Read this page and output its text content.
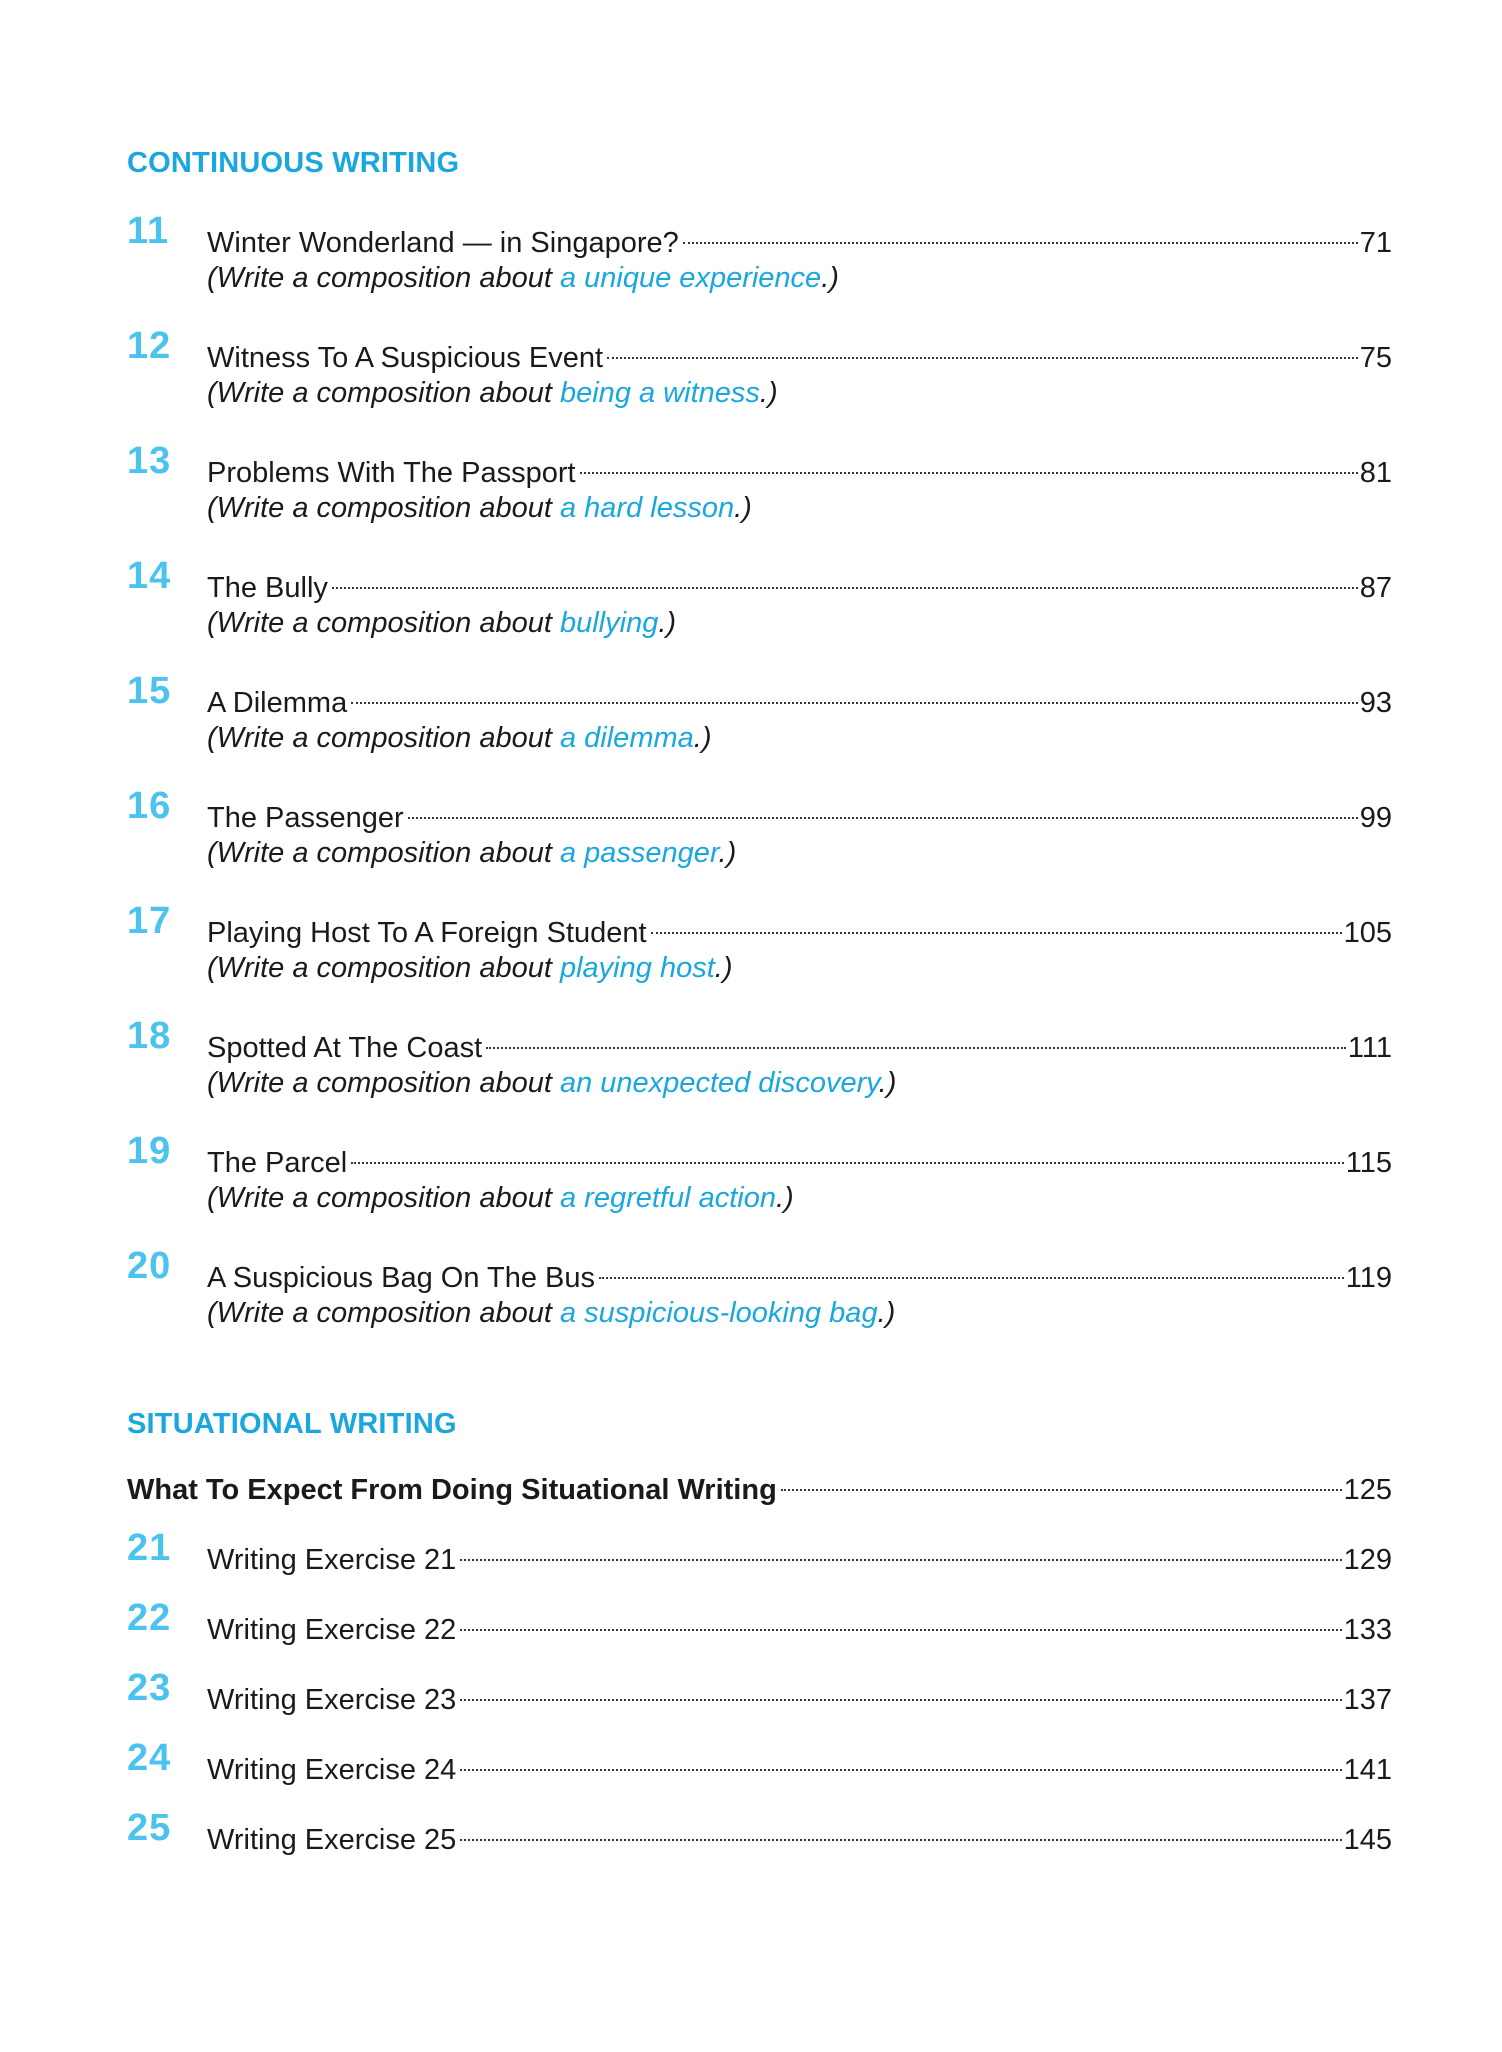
CONTINUOUS WRITING
11 Winter Wonderland — in Singapore?	71
(Write a composition about a unique experience.)
12 Witness To A Suspicious Event	75
(Write a composition about being a witness.)
13 Problems With The Passport	81
(Write a composition about a hard lesson.)
14 The Bully	87
(Write a composition about bullying.)
15 A Dilemma	93
(Write a composition about a dilemma.)
16 The Passenger	99
(Write a composition about a passenger.)
17 Playing Host To A Foreign Student	105
(Write a composition about playing host.)
18 Spotted At The Coast	111
(Write a composition about an unexpected discovery.)
19 The Parcel	115
(Write a composition about a regretful action.)
20 A Suspicious Bag On The Bus	119
(Write a composition about a suspicious-looking bag.)
SITUATIONAL WRITING
What To Expect From Doing Situational Writing	125
21 Writing Exercise 21	129
22 Writing Exercise 22	133
23 Writing Exercise 23	137
24 Writing Exercise 24	141
25 Writing Exercise 25	145
